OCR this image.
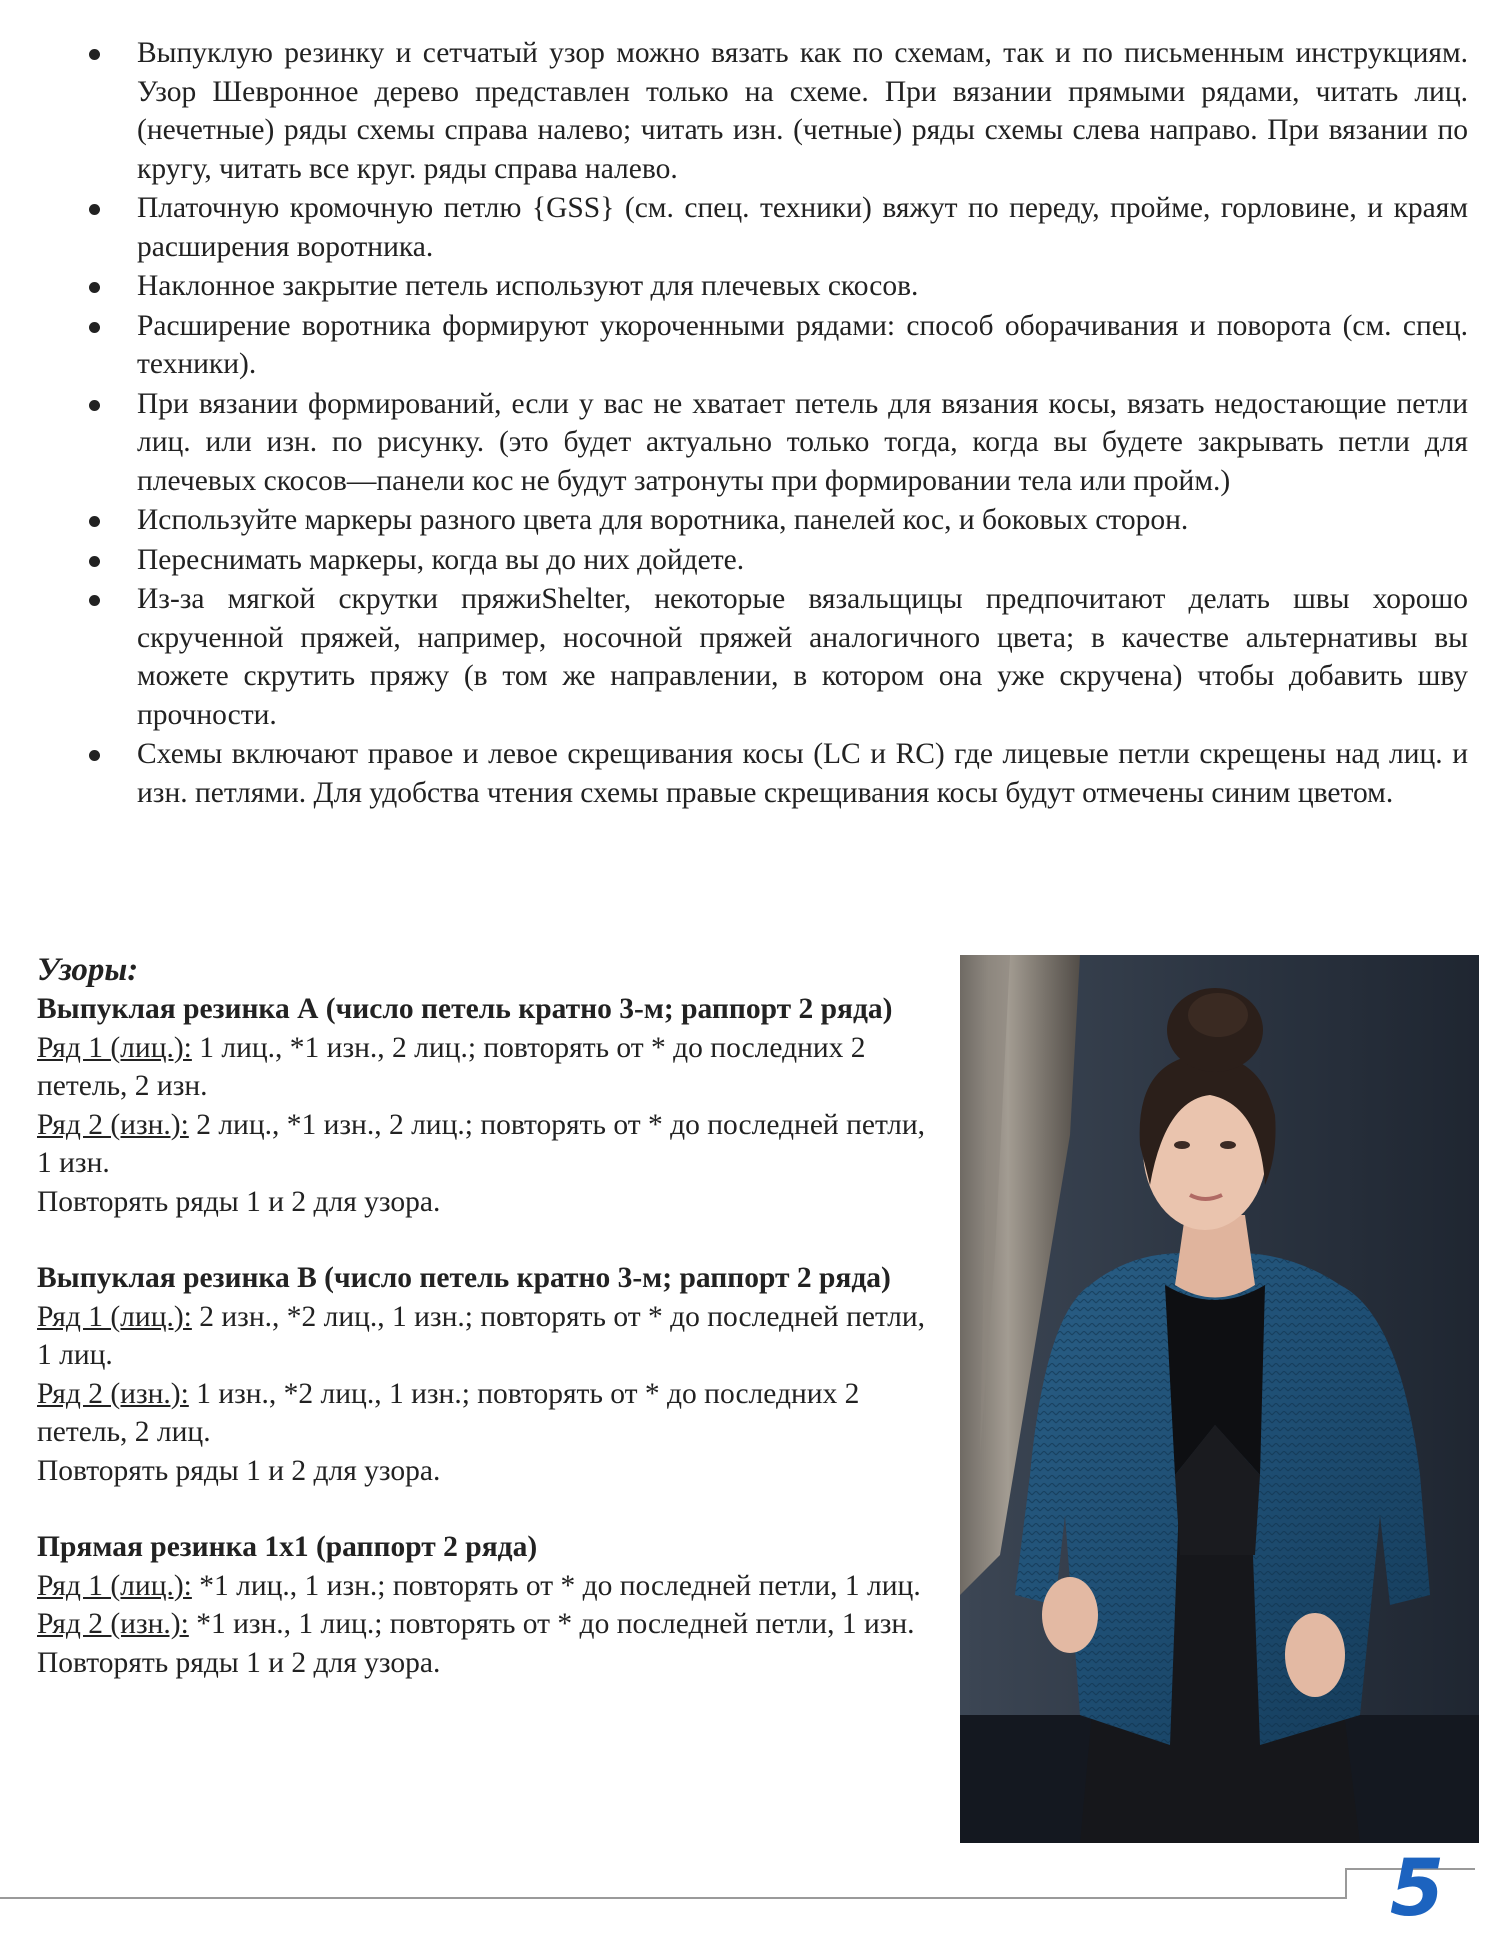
Выпуклую резинку и сетчатый узор можно вязать как по схемам, так и по письменным инструкциям. Узор Шевронное дерево представлен только на схеме. При вязании прямыми рядами, читать лиц. (нечетные) ряды схемы справа налево; читать изн. (четные) ряды схемы слева направо. При вязании по кругу, читать все круг. ряды справа налево.
Платочную кромочную петлю {GSS} (см. спец. техники) вяжут по переду, пройме, горловине, и краям расширения воротника.
Наклонное закрытие петель используют для плечевых скосов.
Расширение воротника формируют укороченными рядами: способ оборачивания и поворота (см. спец. техники).
При вязании формирований, если у вас не хватает петель для вязания косы, вязать недостающие петли лиц. или изн. по рисунку. (это будет актуально только тогда, когда вы будете закрывать петли для плечевых скосов—панели кос не будут затронуты при формировании тела или пройм.)
Используйте маркеры разного цвета для воротника, панелей кос, и боковых сторон.
Переснимать маркеры, когда вы до них дойдете.
Из-за мягкой скрутки пряжиShelter, некоторые вязальщицы предпочитают делать швы хорошо скрученной пряжей, например, носочной пряжей аналогичного цвета; в качестве альтернативы вы можете скрутить пряжу (в том же направлении, в котором она уже скручена) чтобы добавить шву прочности.
Схемы включают правое и левое скрещивания косы (LC и RC) где лицевые петли скрещены над лиц. и изн. петлями. Для удобства чтения схемы правые скрещивания косы будут отмечены синим цветом.
Узоры:
Выпуклая резинка А (число петель кратно 3-м; раппорт 2 ряда)

Ряд 1 (лиц.): 1 лиц., *1 изн., 2 лиц.; повторять от * до последних 2 петель, 2 изн.

Ряд 2 (изн.): 2 лиц., *1 изн., 2 лиц.; повторять от * до последней петли, 1 изн.

Повторять ряды 1 и 2 для узора.

Выпуклая резинка В (число петель кратно 3-м; раппорт 2 ряда)

Ряд 1 (лиц.): 2 изн., *2 лиц., 1 изн.; повторять от * до последней петли, 1 лиц.

Ряд 2 (изн.): 1 изн., *2 лиц., 1 изн.; повторять от * до последних 2 петель, 2 лиц.

Повторять ряды 1 и 2 для узора.

Прямая резинка 1х1 (раппорт 2 ряда)

Ряд 1 (лиц.): *1 лиц., 1 изн.; повторять от * до последней петли, 1 лиц.

Ряд 2 (изн.): *1 изн., 1 лиц.; повторять от * до последней петли, 1 изн.

Повторять ряды 1 и 2 для узора.

5
